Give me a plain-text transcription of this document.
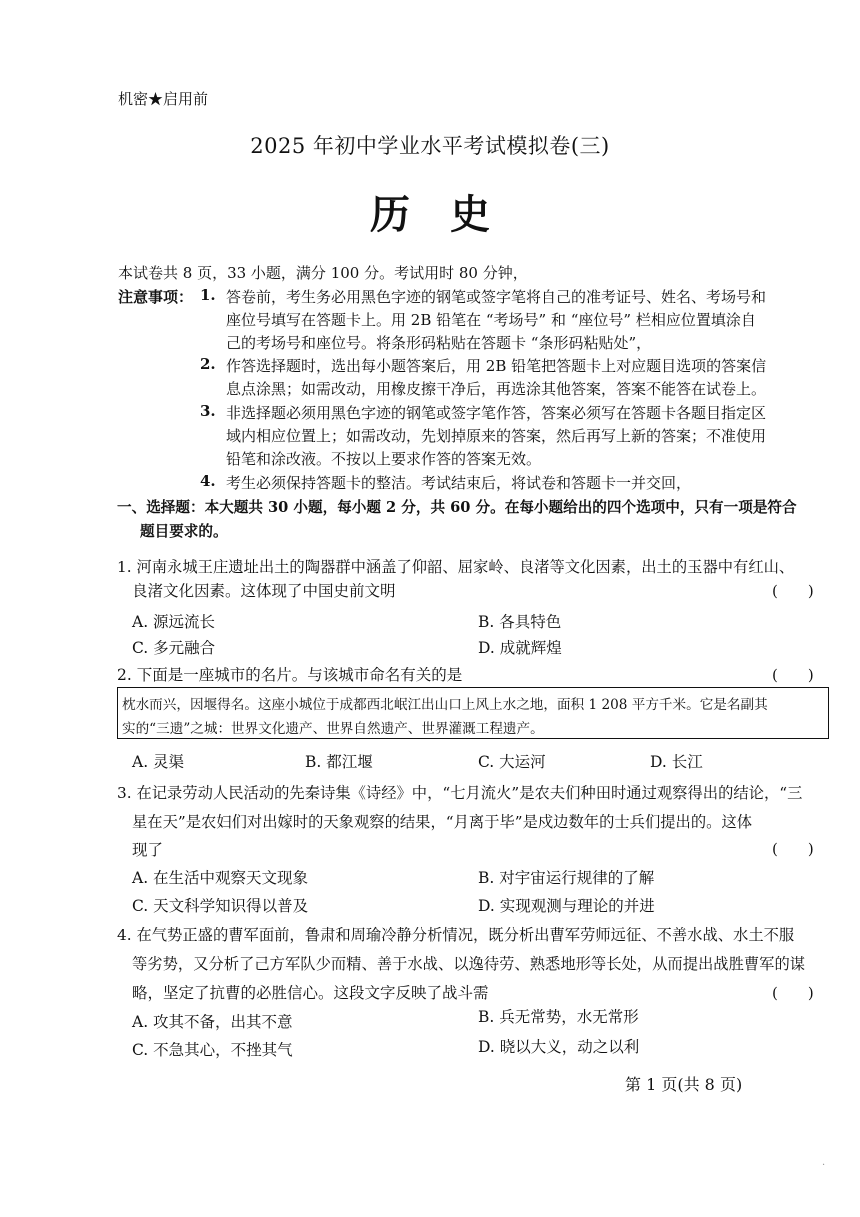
机密★启用前
2025 年初中学业水平考试模拟卷(三)
历史
本试卷共 8 页，33 小题，满分 100 分。考试用时 80 分钟，
注意事项： 1. 答卷前，考生务必用黑色字迹的钢笔或签字笔将自己的准考证号、姓名、考场号和
座位号填写在答题卡上。用 2B 铅笔在 “考场号” 和 “座位号” 栏相应位置填涂自
己的考场号和座位号。将条形码粘贴在答题卡 “条形码粘贴处”，
2. 作答选择题时，选出每小题答案后，用 2B 铅笔把答题卡上对应题目选项的答案信
息点涂黑；如需改动，用橡皮擦干净后，再选涂其他答案，答案不能答在试卷上。
3. 非选择题必须用黑色字迹的钢笔或签字笔作答，答案必须写在答题卡各题目指定区
域内相应位置上；如需改动，先划掉原来的答案，然后再写上新的答案；不准使用
铅笔和涂改液。不按以上要求作答的答案无效。
4. 考生必须保持答题卡的整洁。考试结束后，将试卷和答题卡一并交回，
一、选择题：本大题共 30 小题，每小题 2 分，共 60 分。在每小题给出的四个选项中，只有一项是符合
题目要求的。
1. 河南永城王庄遗址出土的陶器群中涵盖了仰韶、屈家岭、良渚等文化因素，出土的玉器中有红山、
良渚文化因素。这体现了中国史前文明	(　　)
A. 源远流长	B. 各具特色
C. 多元融合	D. 成就辉煌
2. 下面是一座城市的名片。与该城市命名有关的是	(　　)
枕水而兴，因堰得名。这座小城位于成都西北岷江出山口上风上水之地，面积 1 208 平方千米。它是名副其
实的“三遗”之城：世界文化遗产、世界自然遗产、世界灌溉工程遗产。
A. 灵渠	B. 都江堰	C. 大运河	D. 长江
3. 在记录劳动人民活动的先秦诗集《诗经》中，“七月流火”是农夫们种田时通过观察得出的结论，“三
星在天”是农妇们对出嫁时的天象观察的结果，“月离于毕”是戍边数年的士兵们提出的。这体
现了	(　　)
A. 在生活中观察天文现象	B. 对宇宙运行规律的了解
C. 天文科学知识得以普及	D. 实现观测与理论的并进
4. 在气势正盛的曹军面前，鲁肃和周瑜冷静分析情况，既分析出曹军劳师远征、不善水战、水土不服
等劣势，又分析了己方军队少而精、善于水战、以逸待劳、熟悉地形等长处，从而提出战胜曹军的谋
略，坚定了抗曹的必胜信心。这段文字反映了战斗需	(　　)
A. 攻其不备，出其不意	B. 兵无常势，水无常形
C. 不急其心，不挫其气	D. 晓以大义，动之以利
第 1 页(共 8 页)
·
